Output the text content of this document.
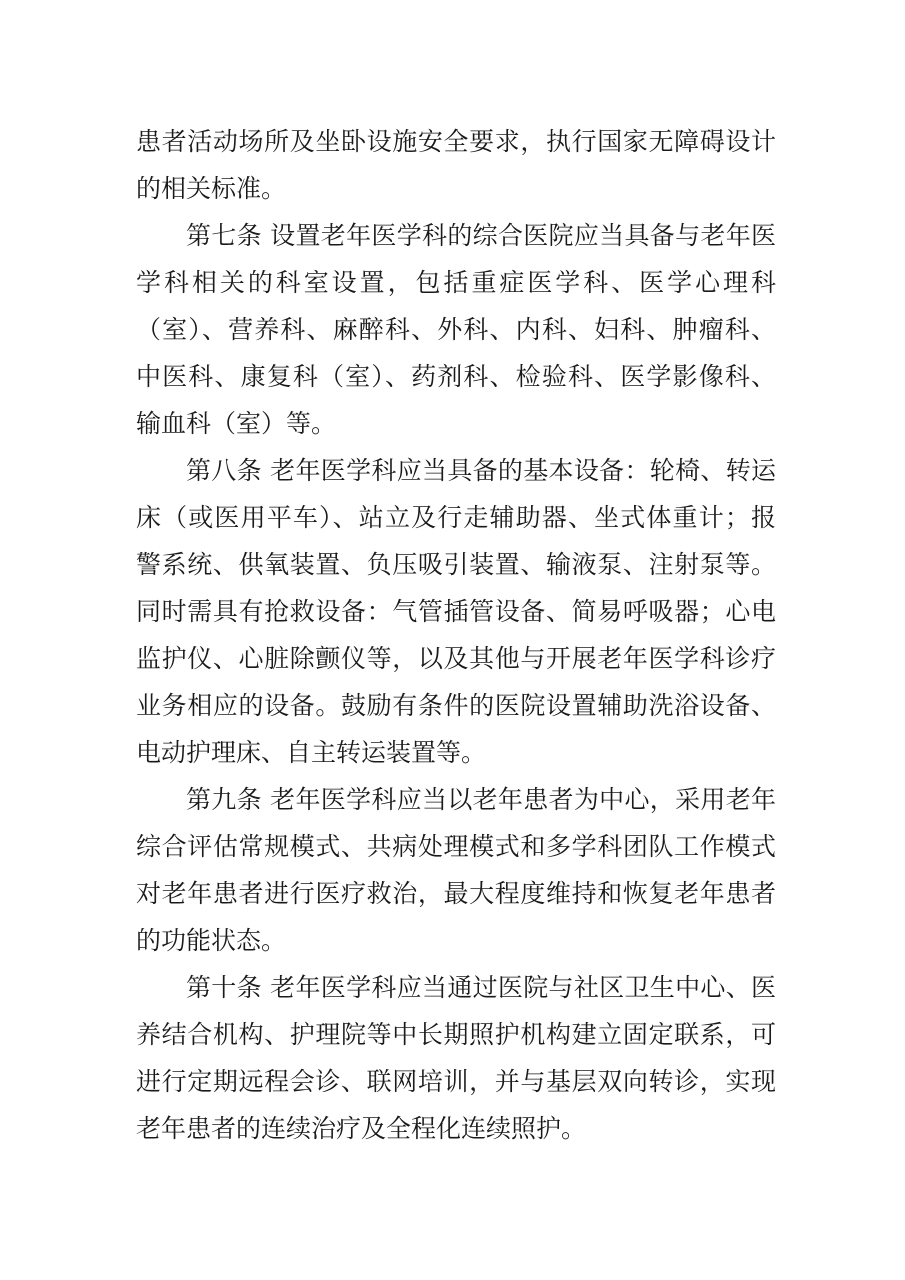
患者活动场所及坐卧设施安全要求，执行国家无障碍设计
的相关标准。
第七条 设置老年医学科的综合医院应当具备与老年医
学科相关的科室设置，包括重症医学科、医学心理科
（室）、营养科、麻醉科、外科、内科、妇科、肿瘤科、
中医科、康复科（室）、药剂科、检验科、医学影像科、
输血科（室）等。
第八条 老年医学科应当具备的基本设备：轮椅、转运
床（或医用平车）、站立及行走辅助器、坐式体重计；报
警系统、供氧装置、负压吸引装置、输液泵、注射泵等。
同时需具有抢救设备：气管插管设备、简易呼吸器；心电
监护仪、心脏除颤仪等，以及其他与开展老年医学科诊疗
业务相应的设备。鼓励有条件的医院设置辅助洗浴设备、
电动护理床、自主转运装置等。
第九条 老年医学科应当以老年患者为中心，采用老年
综合评估常规模式、共病处理模式和多学科团队工作模式
对老年患者进行医疗救治，最大程度维持和恢复老年患者
的功能状态。
第十条 老年医学科应当通过医院与社区卫生中心、医
养结合机构、护理院等中长期照护机构建立固定联系，可
进行定期远程会诊、联网培训，并与基层双向转诊，实现
老年患者的连续治疗及全程化连续照护。
